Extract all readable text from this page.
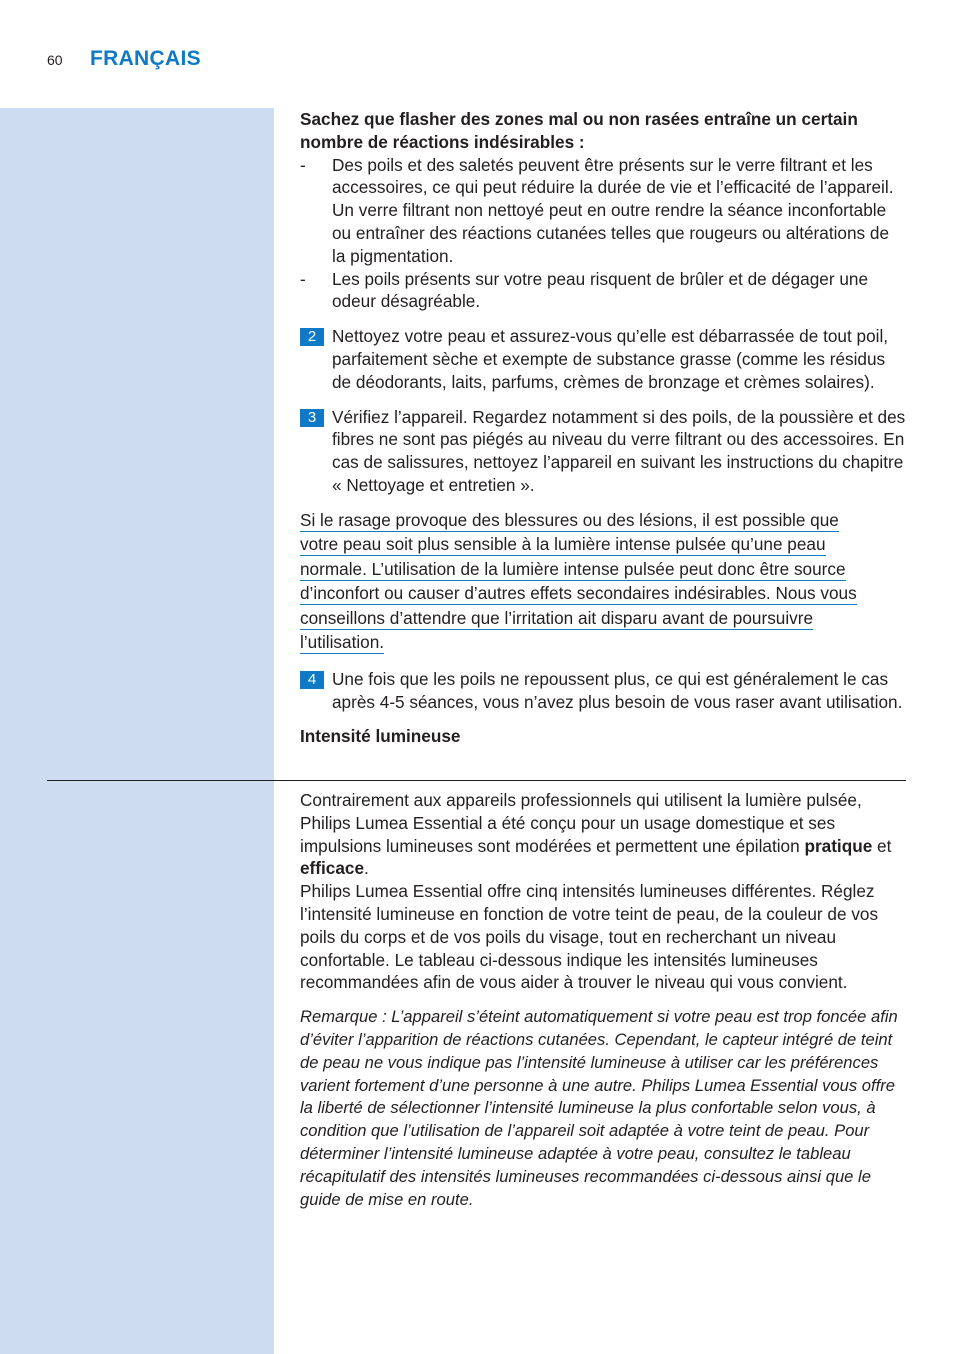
60 FRANÇAIS

Sachez que flasher des zones mal ou non rasées entraîne un certain nombre de réactions indésirables :

- Des poils et des saletés peuvent être présents sur le verre filtrant et les accessoires, ce qui peut réduire la durée de vie et l’efficacité de l’appareil. Un verre filtrant non nettoyé peut en outre rendre la séance inconfortable ou entraîner des réactions cutanées telles que rougeurs ou altérations de la pigmentation.
- Les poils présents sur votre peau risquent de brûler et de dégager une odeur désagréable.
2 Nettoyez votre peau et assurez-vous qu’elle est débarrassée de tout poil, parfaitement sèche et exempte de substance grasse (comme les résidus de déodorants, laits, parfums, crèmes de bronzage et crèmes solaires).
3 Vérifiez l’appareil. Regardez notamment si des poils, de la poussière et des fibres ne sont pas piégés au niveau du verre filtrant ou des accessoires. En cas de salissures, nettoyez l’appareil en suivant les instructions du chapitre « Nettoyage et entretien ».
Si le rasage provoque des blessures ou des lésions, il est possible que
votre peau soit plus sensible à la lumière intense pulsée qu’une peau
normale. L’utilisation de la lumière intense pulsée peut donc être source
d’inconfort ou causer d’autres effets secondaires indésirables. Nous vous
conseillons d’attendre que l’irritation ait disparu avant de poursuivre
l’utilisation.
4 Une fois que les poils ne repoussent plus, ce qui est généralement le cas après 4-5 séances, vous n’avez plus besoin de vous raser avant utilisation.

Intensité lumineuse

Contrairement aux appareils professionnels qui utilisent la lumière pulsée, Philips Lumea Essential a été conçu pour un usage domestique et ses impulsions lumineuses sont modérées et permettent une épilation pratique et efficace.

Philips Lumea Essential offre cinq intensités lumineuses différentes. Réglez l’intensité lumineuse en fonction de votre teint de peau, de la couleur de vos poils du corps et de vos poils du visage, tout en recherchant un niveau confortable. Le tableau ci-dessous indique les intensités lumineuses recommandées afin de vous aider à trouver le niveau qui vous convient.

Remarque : L’appareil s’éteint automatiquement si votre peau est trop foncée afin d’éviter l’apparition de réactions cutanées. Cependant, le capteur intégré de teint de peau ne vous indique pas l’intensité lumineuse à utiliser car les préférences varient fortement d’une personne à une autre. Philips Lumea Essential vous offre la liberté de sélectionner l’intensité lumineuse la plus confortable selon vous, à condition que l’utilisation de l’appareil soit adaptée à votre teint de peau. Pour déterminer l’intensité lumineuse adaptée à votre peau, consultez le tableau récapitulatif des intensités lumineuses recommandées ci-dessous ainsi que le guide de mise en route.
